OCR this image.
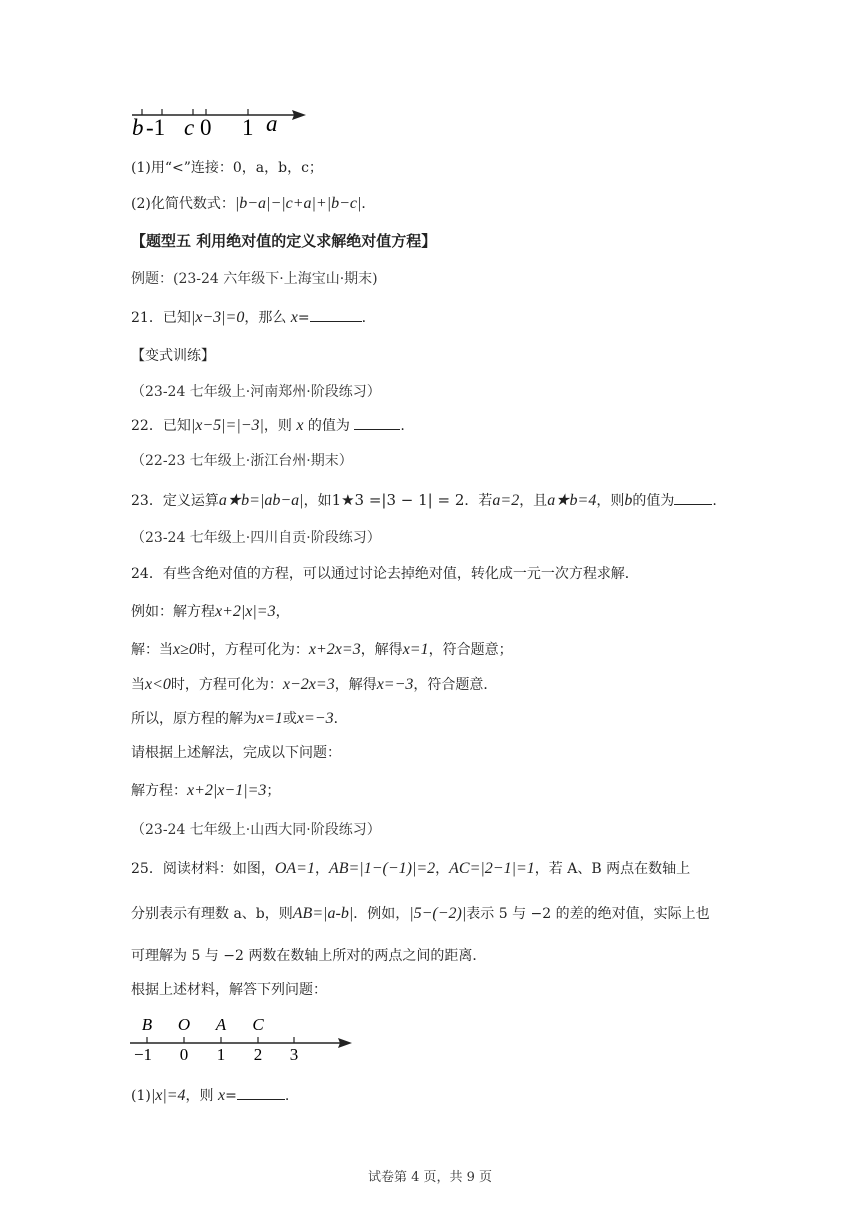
b -1 c 0 1 a
(1)用“<”连接：0，a，b，c；
(2)化简代数式：|b−a|−|c+a|+|b−c|．
【题型五 利用绝对值的定义求解绝对值方程】
例题：(23-24 六年级下·上海宝山·期末)
21．已知|x−3|=0，那么 x=	.
【变式训练】
（23-24 七年级上·河南郑州·阶段练习）
22．已知|x−5|=|−3|，则 x 的值为	.
（22-23 七年级上·浙江台州·期末）
23．定义运算a★b=|ab−a|，如1★3 =|3 − 1| = 2．若a=2，且a★b=4，则b的值为	.
（23-24 七年级上·四川自贡·阶段练习）
24．有些含绝对值的方程，可以通过讨论去掉绝对值，转化成一元一次方程求解．
例如：解方程x+2|x|=3，
解：当x≥0时，方程可化为：x+2x=3，解得x=1，符合题意；
当x<0时，方程可化为：x−2x=3，解得x=−3，符合题意．
所以，原方程的解为x=1或x=−3．
请根据上述解法，完成以下问题：
解方程：x+2|x−1|=3；
（23-24 七年级上·山西大同·阶段练习）
25．阅读材料：如图，OA=1，AB=|1−(−1)|=2，AC=|2−1|=1，若 A、B 两点在数轴上
分别表示有理数 a、b，则AB=|a-b|．例如，|5−(−2)|表示 5 与 −2 的差的绝对值，实际上也
可理解为 5 与 −2 两数在数轴上所对的两点之间的距离．
根据上述材料，解答下列问题：
B O A C
−1 0 1 2 3
(1)|x|=4，则 x=	.
试卷第 4 页，共 9 页
